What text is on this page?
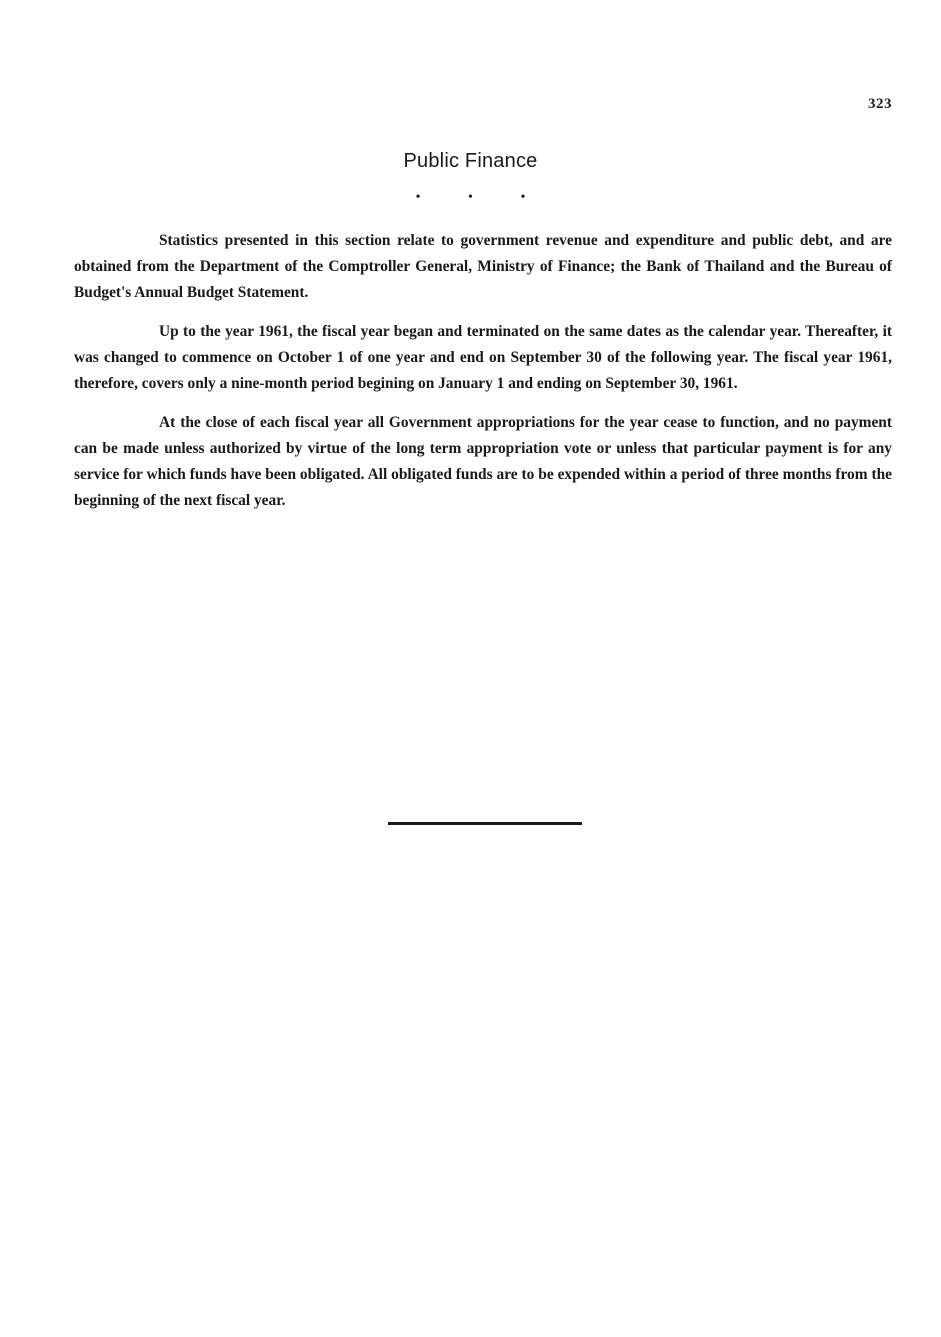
323
Public Finance
• • •

Statistics presented in this section relate to government revenue and expenditure and public debt, and are obtained from the Department of the Comptroller General, Ministry of Finance; the Bank of Thailand and the Bureau of Budget's Annual Budget Statement.

Up to the year 1961, the fiscal year began and terminated on the same dates as the calendar year. Thereafter, it was changed to commence on October 1 of one year and end on September 30 of the following year. The fiscal year 1961, therefore, covers only a nine-month period begining on January 1 and ending on September 30, 1961.

At the close of each fiscal year all Government appropriations for the year cease to function, and no payment can be made unless authorized by virtue of the long term appropriation vote or unless that particular payment is for any service for which funds have been obligated. All obligated funds are to be expended within a period of three months from the beginning of the next fiscal year.
